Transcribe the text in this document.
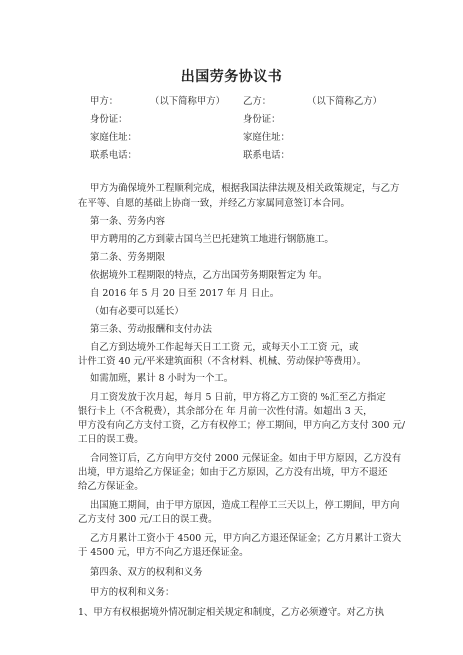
出国劳务协议书
甲方：	（以下简称甲方） 乙方：	（以下简称乙方）
身份证：	身份证：
家庭住址：	家庭住址：
联系电话：	联系电话：
甲方为确保境外工程顺利完成，根据我国法律法规及相关政策规定，与乙方
在平等、自愿的基础上协商一致，并经乙方家属同意签订本合同。
第一条、劳务内容
甲方聘用的乙方到蒙古国乌兰巴托建筑工地进行钢筋施工。
第二条、劳务期限
依据境外工程期限的特点，乙方出国劳务期限暂定为 年。
自 2016 年 5 月 20 日至 2017 年 月 日止。
（如有必要可以延长）
第三条、劳动报酬和支付办法
自乙方到达境外工作起每天日工工资 元，或每天小工工资 元，或
计件工资 40 元/平米建筑面积（不含材料、机械、劳动保护等费用）。
如需加班，累计 8 小时为一个工。
月工资发放于次月起，每月 5 日前，甲方将乙方工资的 %汇至乙方指定
银行卡上（不含税费），其余部分在 年 月前一次性付清。如超出 3 天，
甲方没有向乙方支付工资，乙方有权停工；停工期间，甲方向乙方支付 300 元/
工日的误工费。
合同签订后，乙方向甲方交付 2000 元保证金。如由于甲方原因，乙方没有
出境，甲方退给乙方保证金；如由于乙方原因，乙方没有出境，甲方不退还
给乙方保证金。
出国施工期间，由于甲方原因，造成工程停工三天以上，停工期间，甲方向
乙方支付 300 元/工日的误工费。
乙方月累计工资小于 4500 元，甲方向乙方退还保证金；乙方月累计工资大
于 4500 元，甲方不向乙方退还保证金。
第四条、双方的权利和义务
甲方的权利和义务：
1、甲方有权根据境外情况制定相关规定和制度，乙方必须遵守。对乙方执
